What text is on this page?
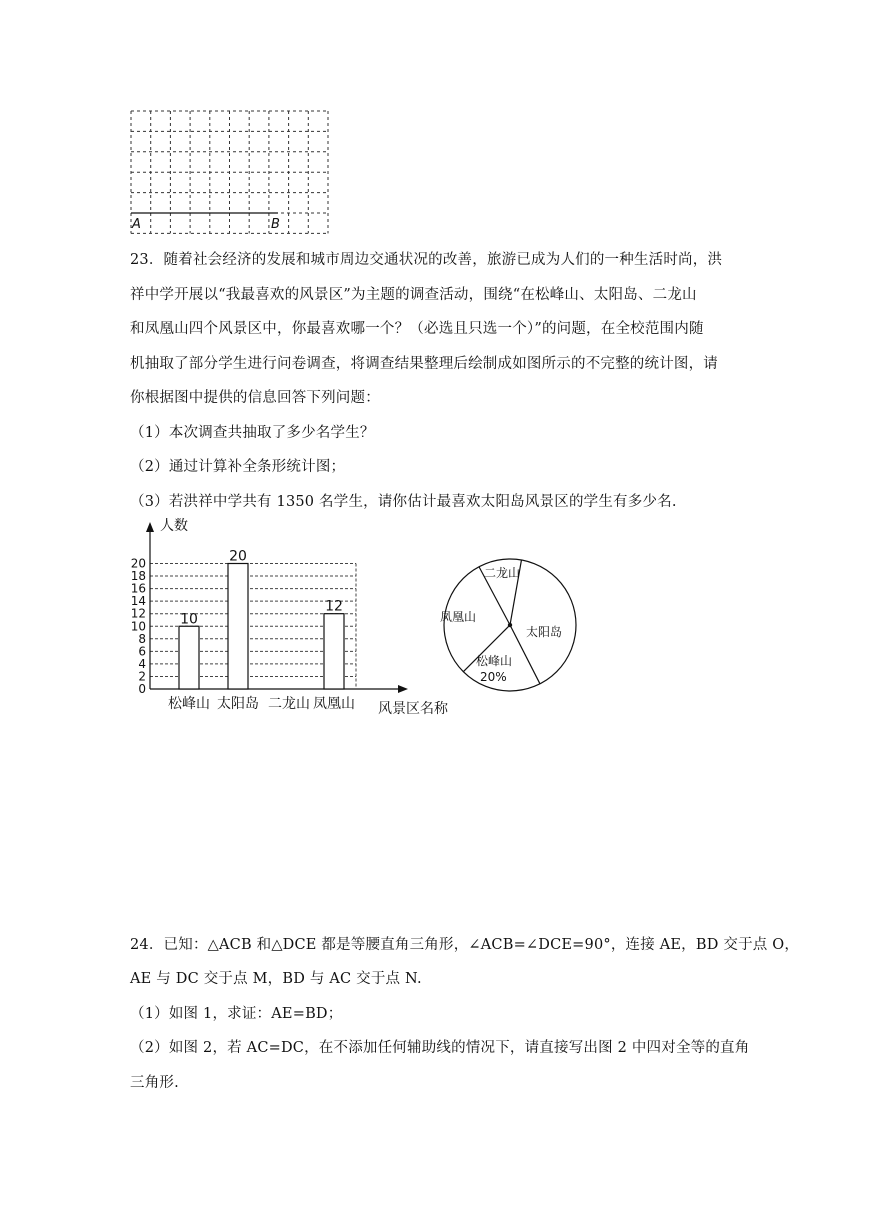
A	B
23．随着社会经济的发展和城市周边交通状况的改善，旅游已成为人们的一种生活时尚，洪
祥中学开展以“我最喜欢的风景区”为主题的调查活动，围绕“在松峰山、太阳岛、二龙山
和凤凰山四个风景区中，你最喜欢哪一个？（必选且只选一个）”的问题，在全校范围内随
机抽取了部分学生进行问卷调查，将调查结果整理后绘制成如图所示的不完整的统计图，请
你根据图中提供的信息回答下列问题：
（1）本次调查共抽取了多少名学生？
（2）通过计算补全条形统计图；
（3）若洪祥中学共有 1350 名学生，请你估计最喜欢太阳岛风景区的学生有多少名.
人数
风景区名称
0
2
4
6
8
10
12
14
16
18
20
10
20
12
松峰山 太阳岛 二龙山 凤凰山
二龙山
太阳岛
松峰山
20%
凤凰山
24．已知：△ACB 和△DCE 都是等腰直角三角形，∠ACB=∠DCE=90°，连接 AE，BD 交于点 O，
AE 与 DC 交于点 M，BD 与 AC 交于点 N.
（1）如图 1，求证：AE=BD；
（2）如图 2，若 AC=DC，在不添加任何辅助线的情况下，请直接写出图 2 中四对全等的直角
三角形.
